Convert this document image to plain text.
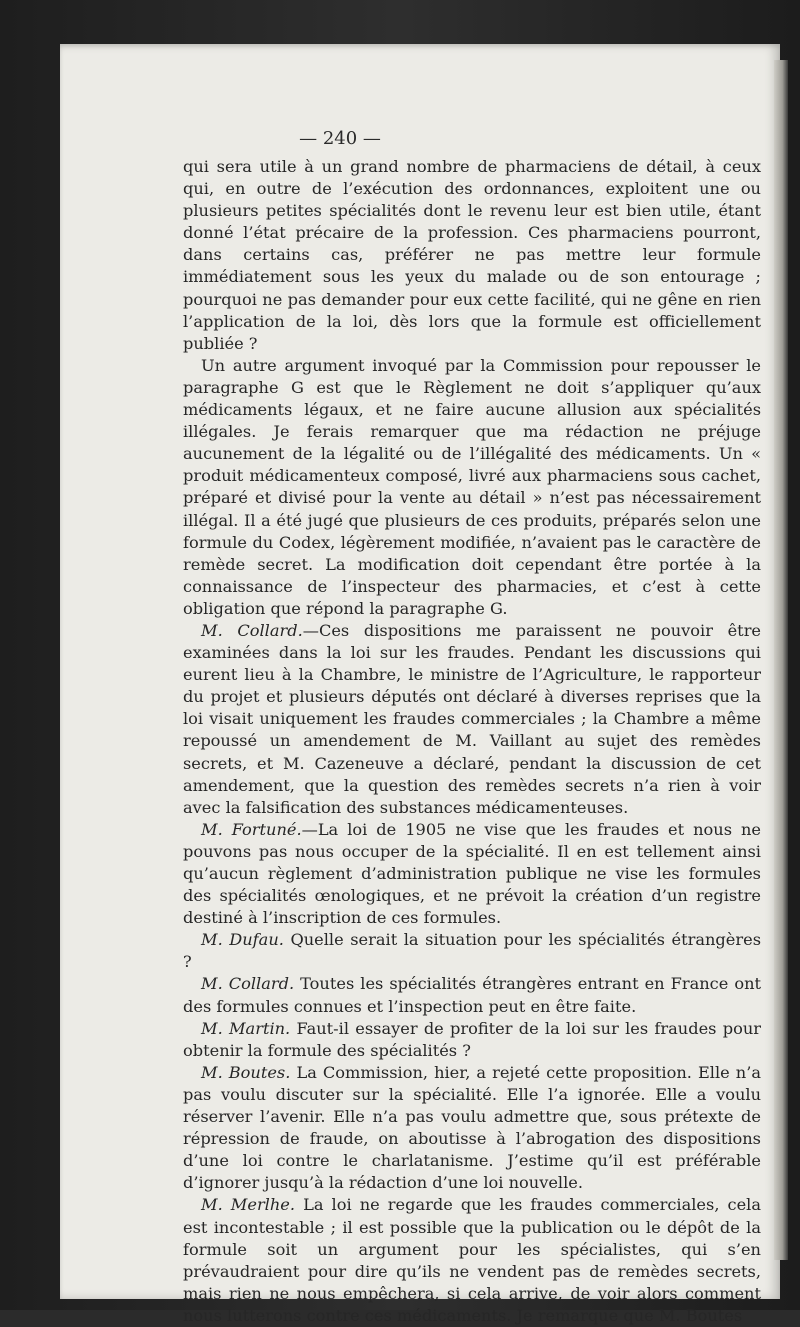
— 240 —

qui sera utile à un grand nombre de pharmaciens de détail, à ceux qui, en outre de l’exécution des ordonnances, exploitent une ou plusieurs petites spécialités dont le revenu leur est bien utile, étant donné l’état précaire de la profession. Ces pharmaciens pourront, dans certains cas, préférer ne pas mettre leur formule immédiatement sous les yeux du malade ou de son entourage ; pourquoi ne pas demander pour eux cette facilité, qui ne gêne en rien l’application de la loi, dès lors que la formule est officiellement publiée ?

Un autre argument invoqué par la Commission pour repousser le paragraphe G est que le Règlement ne doit s’appliquer qu’aux médicaments légaux, et ne faire aucune allusion aux spécialités illégales. Je ferais remarquer que ma rédaction ne préjuge aucunement de la légalité ou de l’illégalité des médicaments. Un « produit médicamenteux composé, livré aux pharmaciens sous cachet, préparé et divisé pour la vente au détail » n’est pas nécessairement illégal. Il a été jugé que plusieurs de ces produits, préparés selon une formule du Codex, légèrement modifiée, n’avaient pas le caractère de remède secret. La modification doit cependant être portée à la connaissance de l’inspecteur des pharmacies, et c’est à cette obligation que répond la paragraphe G.

M. Collard.—Ces dispositions me paraissent ne pouvoir être examinées dans la loi sur les fraudes. Pendant les discussions qui eurent lieu à la Chambre, le ministre de l’Agriculture, le rapporteur du projet et plusieurs députés ont déclaré à diverses reprises que la loi visait uniquement les fraudes commerciales ; la Chambre a même repoussé un amendement de M. Vaillant au sujet des remèdes secrets, et M. Cazeneuve a déclaré, pendant la discussion de cet amendement, que la question des remèdes secrets n’a rien à voir avec la falsification des substances médicamenteuses.

M. Fortuné.—La loi de 1905 ne vise que les fraudes et nous ne pouvons pas nous occuper de la spécialité. Il en est tellement ainsi qu’aucun règlement d’administration publique ne vise les formules des spécialités œnologiques, et ne prévoit la création d’un registre destiné à l’inscription de ces formules.

M. Dufau. Quelle serait la situation pour les spécialités étrangères ?

M. Collard. Toutes les spécialités étrangères entrant en France ont des formules connues et l’inspection peut en être faite.

M. Martin. Faut-il essayer de profiter de la loi sur les fraudes pour obtenir la formule des spécialités ?

M. Boutes. La Commission, hier, a rejeté cette proposition. Elle n’a pas voulu discuter sur la spécialité. Elle l’a ignorée. Elle a voulu réserver l’avenir. Elle n’a pas voulu admettre que, sous prétexte de répression de fraude, on aboutisse à l’abrogation des dispositions d’une loi contre le charlatanisme. J’estime qu’il est préférable d’ignorer jusqu’à la rédaction d’une loi nouvelle.

M. Merlhe. La loi ne regarde que les fraudes commerciales, cela est incontestable ; il est possible que la publication ou le dépôt de la formule soit un argument pour les spécialistes, qui s’en prévaudraient pour dire qu’ils ne vendent pas de remèdes secrets, mais rien ne nous empêchera, si cela arrive, de voir alors comment nous lutterons contre ces médicaments. Je remarque que M. Boutes
